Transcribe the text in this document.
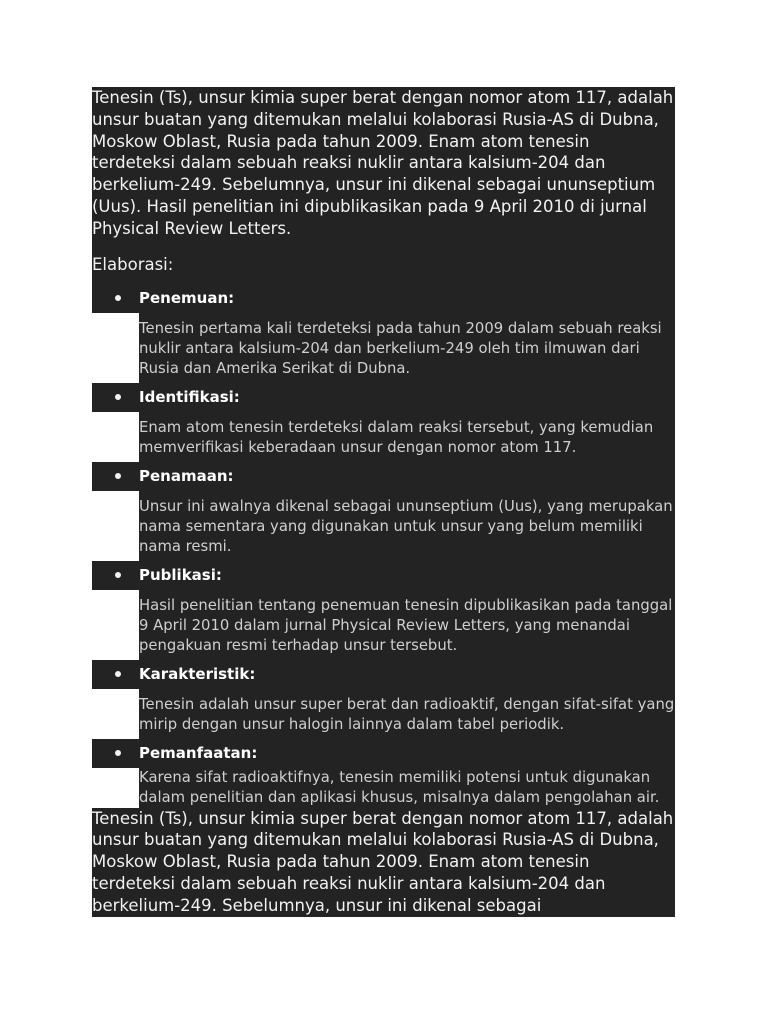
Tenesin (Ts), unsur kimia super berat dengan nomor atom 117, adalah unsur buatan yang ditemukan melalui kolaborasi Rusia-AS di Dubna, Moskow Oblast, Rusia pada tahun 2009. Enam atom tenesin terdeteksi dalam sebuah reaksi nuklir antara kalsium-204 dan berkelium-249. Sebelumnya, unsur ini dikenal sebagai ununseptium (Uus). Hasil penelitian ini dipublikasikan pada 9 April 2010 di jurnal Physical Review Letters.

Elaborasi:
Penemuan:
Tenesin pertama kali terdeteksi pada tahun 2009 dalam sebuah reaksi nuklir antara kalsium-204 dan berkelium-249 oleh tim ilmuwan dari Rusia dan Amerika Serikat di Dubna.
Identifikasi:
Enam atom tenesin terdeteksi dalam reaksi tersebut, yang kemudian memverifikasi keberadaan unsur dengan nomor atom 117.
Penamaan:
Unsur ini awalnya dikenal sebagai ununseptium (Uus), yang merupakan nama sementara yang digunakan untuk unsur yang belum memiliki nama resmi.
Publikasi:
Hasil penelitian tentang penemuan tenesin dipublikasikan pada tanggal 9 April 2010 dalam jurnal Physical Review Letters, yang menandai pengakuan resmi terhadap unsur tersebut.
Karakteristik:
Tenesin adalah unsur super berat dan radioaktif, dengan sifat-sifat yang mirip dengan unsur halogin lainnya dalam tabel periodik.
Pemanfaatan:
Karena sifat radioaktifnya, tenesin memiliki potensi untuk digunakan dalam penelitian dan aplikasi khusus, misalnya dalam pengolahan air.

Tenesin (Ts), unsur kimia super berat dengan nomor atom 117, adalah unsur buatan yang ditemukan melalui kolaborasi Rusia-AS di Dubna, Moskow Oblast, Rusia pada tahun 2009. Enam atom tenesin terdeteksi dalam sebuah reaksi nuklir antara kalsium-204 dan berkelium-249. Sebelumnya, unsur ini dikenal sebagai
